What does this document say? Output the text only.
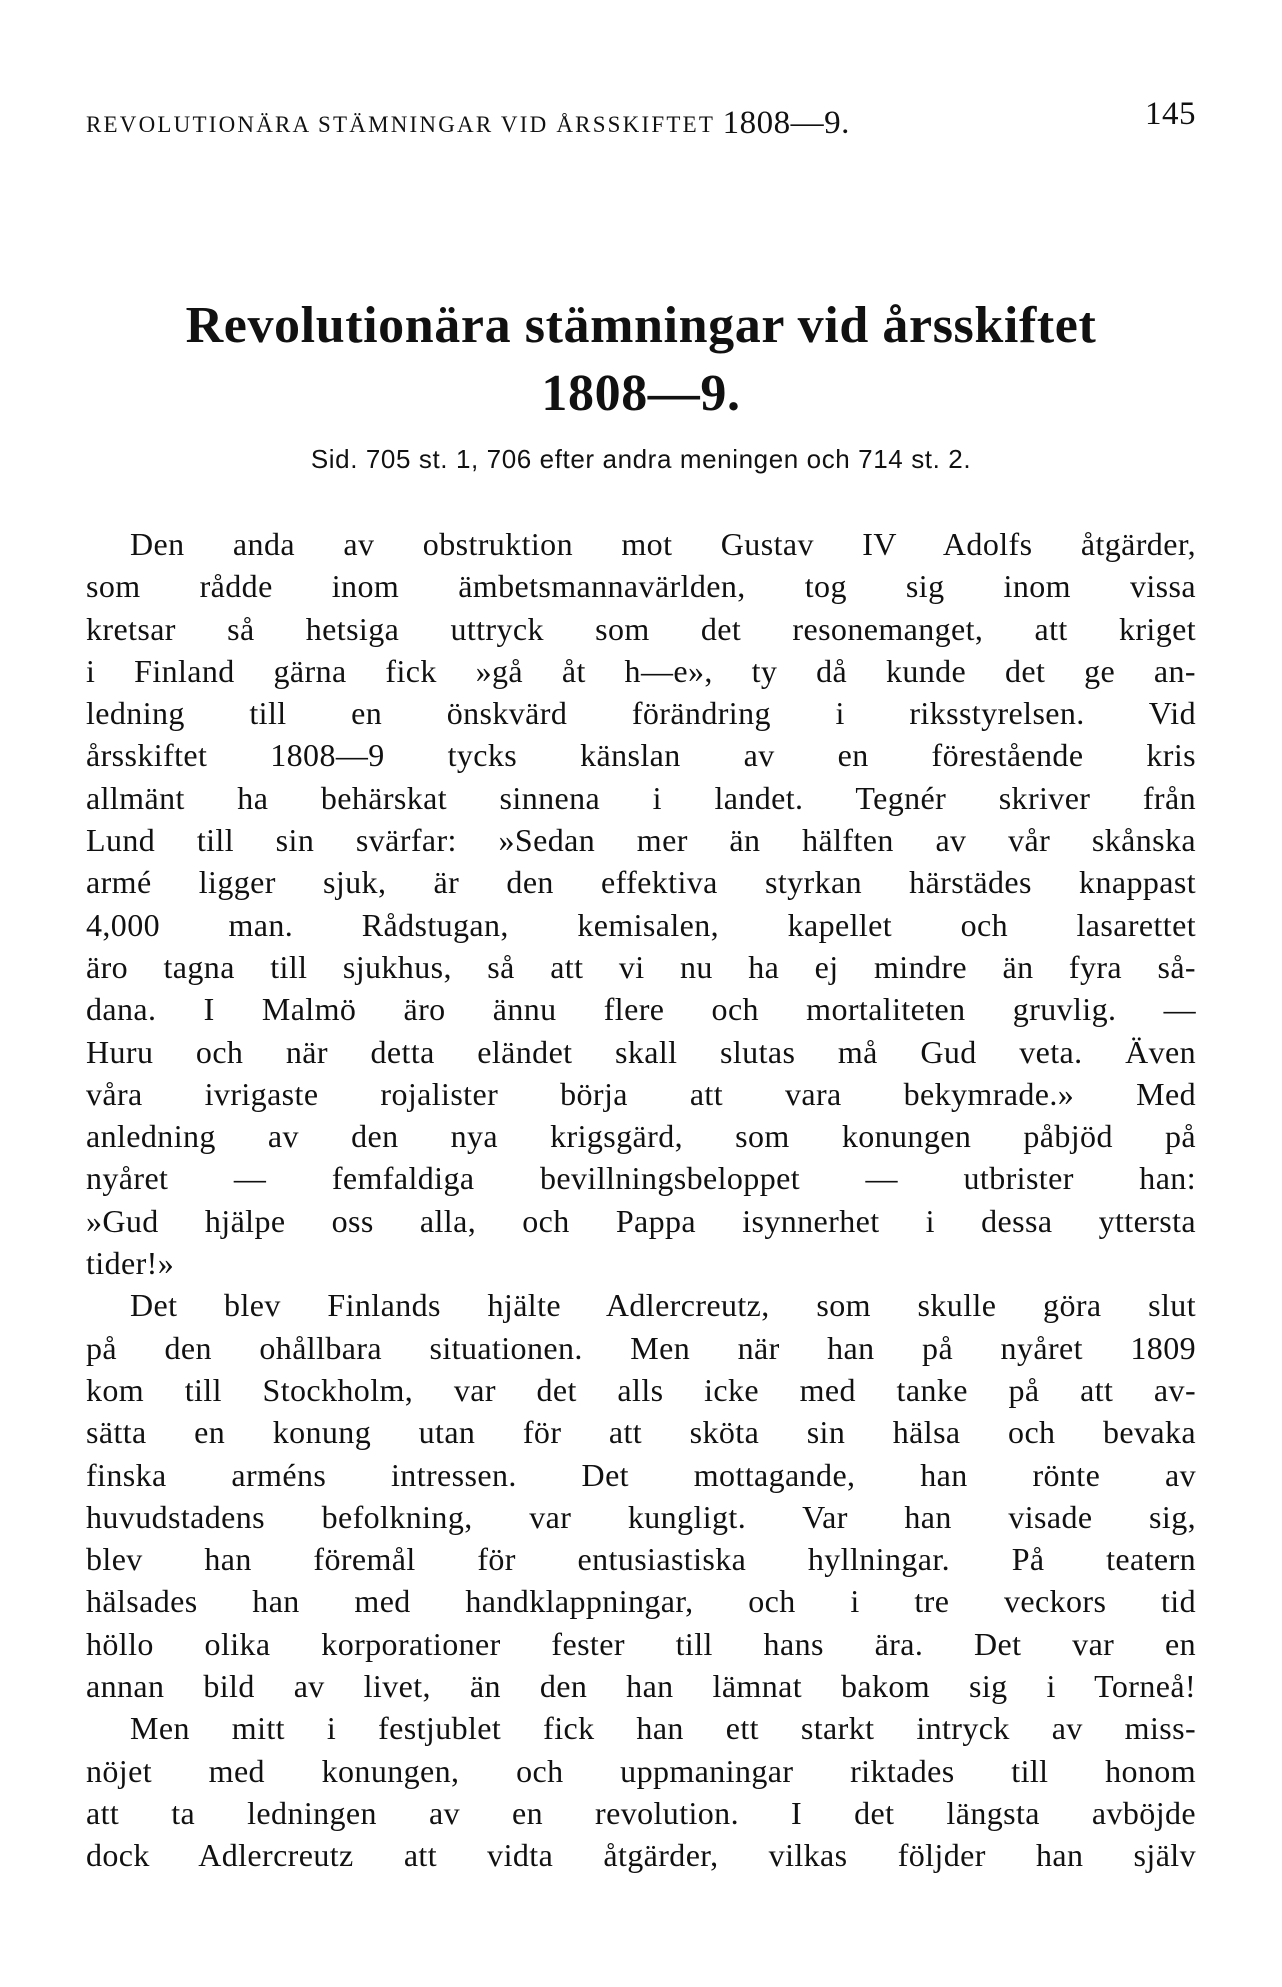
REVOLUTIONÄRA STÄMNINGAR VID ÅRSSKIFTET 1808—9.	145
Revolutionära stämningar vid årsskiftet
1808—9.
Sid. 705 st. 1, 706 efter andra meningen och 714 st. 2.
Den anda av obstruktion mot Gustav IV Adolfs åtgärder,
som rådde inom ämbetsmannavärlden, tog sig inom vissa
kretsar så hetsiga uttryck som det resonemanget, att kriget
i Finland gärna fick »gå åt h—e», ty då kunde det ge an-
ledning till en önskvärd förändring i riksstyrelsen. Vid
årsskiftet 1808—9 tycks känslan av en förestående kris
allmänt ha behärskat sinnena i landet. Tegnér skriver från
Lund till sin svärfar: »Sedan mer än hälften av vår skånska
armé ligger sjuk, är den effektiva styrkan härstädes knappast
4,000 man. Rådstugan, kemisalen, kapellet och lasarettet
äro tagna till sjukhus, så att vi nu ha ej mindre än fyra så-
dana. I Malmö äro ännu flere och mortaliteten gruvlig. —
Huru och när detta eländet skall slutas må Gud veta. Även
våra ivrigaste rojalister börja att vara bekymrade.» Med
anledning av den nya krigsgärd, som konungen påbjöd på
nyåret — femfaldiga bevillningsbeloppet — utbrister han:
»Gud hjälpe oss alla, och Pappa isynnerhet i dessa yttersta
tider!»
Det blev Finlands hjälte Adlercreutz, som skulle göra slut
på den ohållbara situationen. Men när han på nyåret 1809
kom till Stockholm, var det alls icke med tanke på att av-
sätta en konung utan för att sköta sin hälsa och bevaka
finska arméns intressen. Det mottagande, han rönte av
huvudstadens befolkning, var kungligt. Var han visade sig,
blev han föremål för entusiastiska hyllningar. På teatern
hälsades han med handklappningar, och i tre veckors tid
höllo olika korporationer fester till hans ära. Det var en
annan bild av livet, än den han lämnat bakom sig i Torneå!
Men mitt i festjublet fick han ett starkt intryck av miss-
nöjet med konungen, och uppmaningar riktades till honom
att ta ledningen av en revolution. I det längsta avböjde
dock Adlercreutz att vidta åtgärder, vilkas följder han själv
